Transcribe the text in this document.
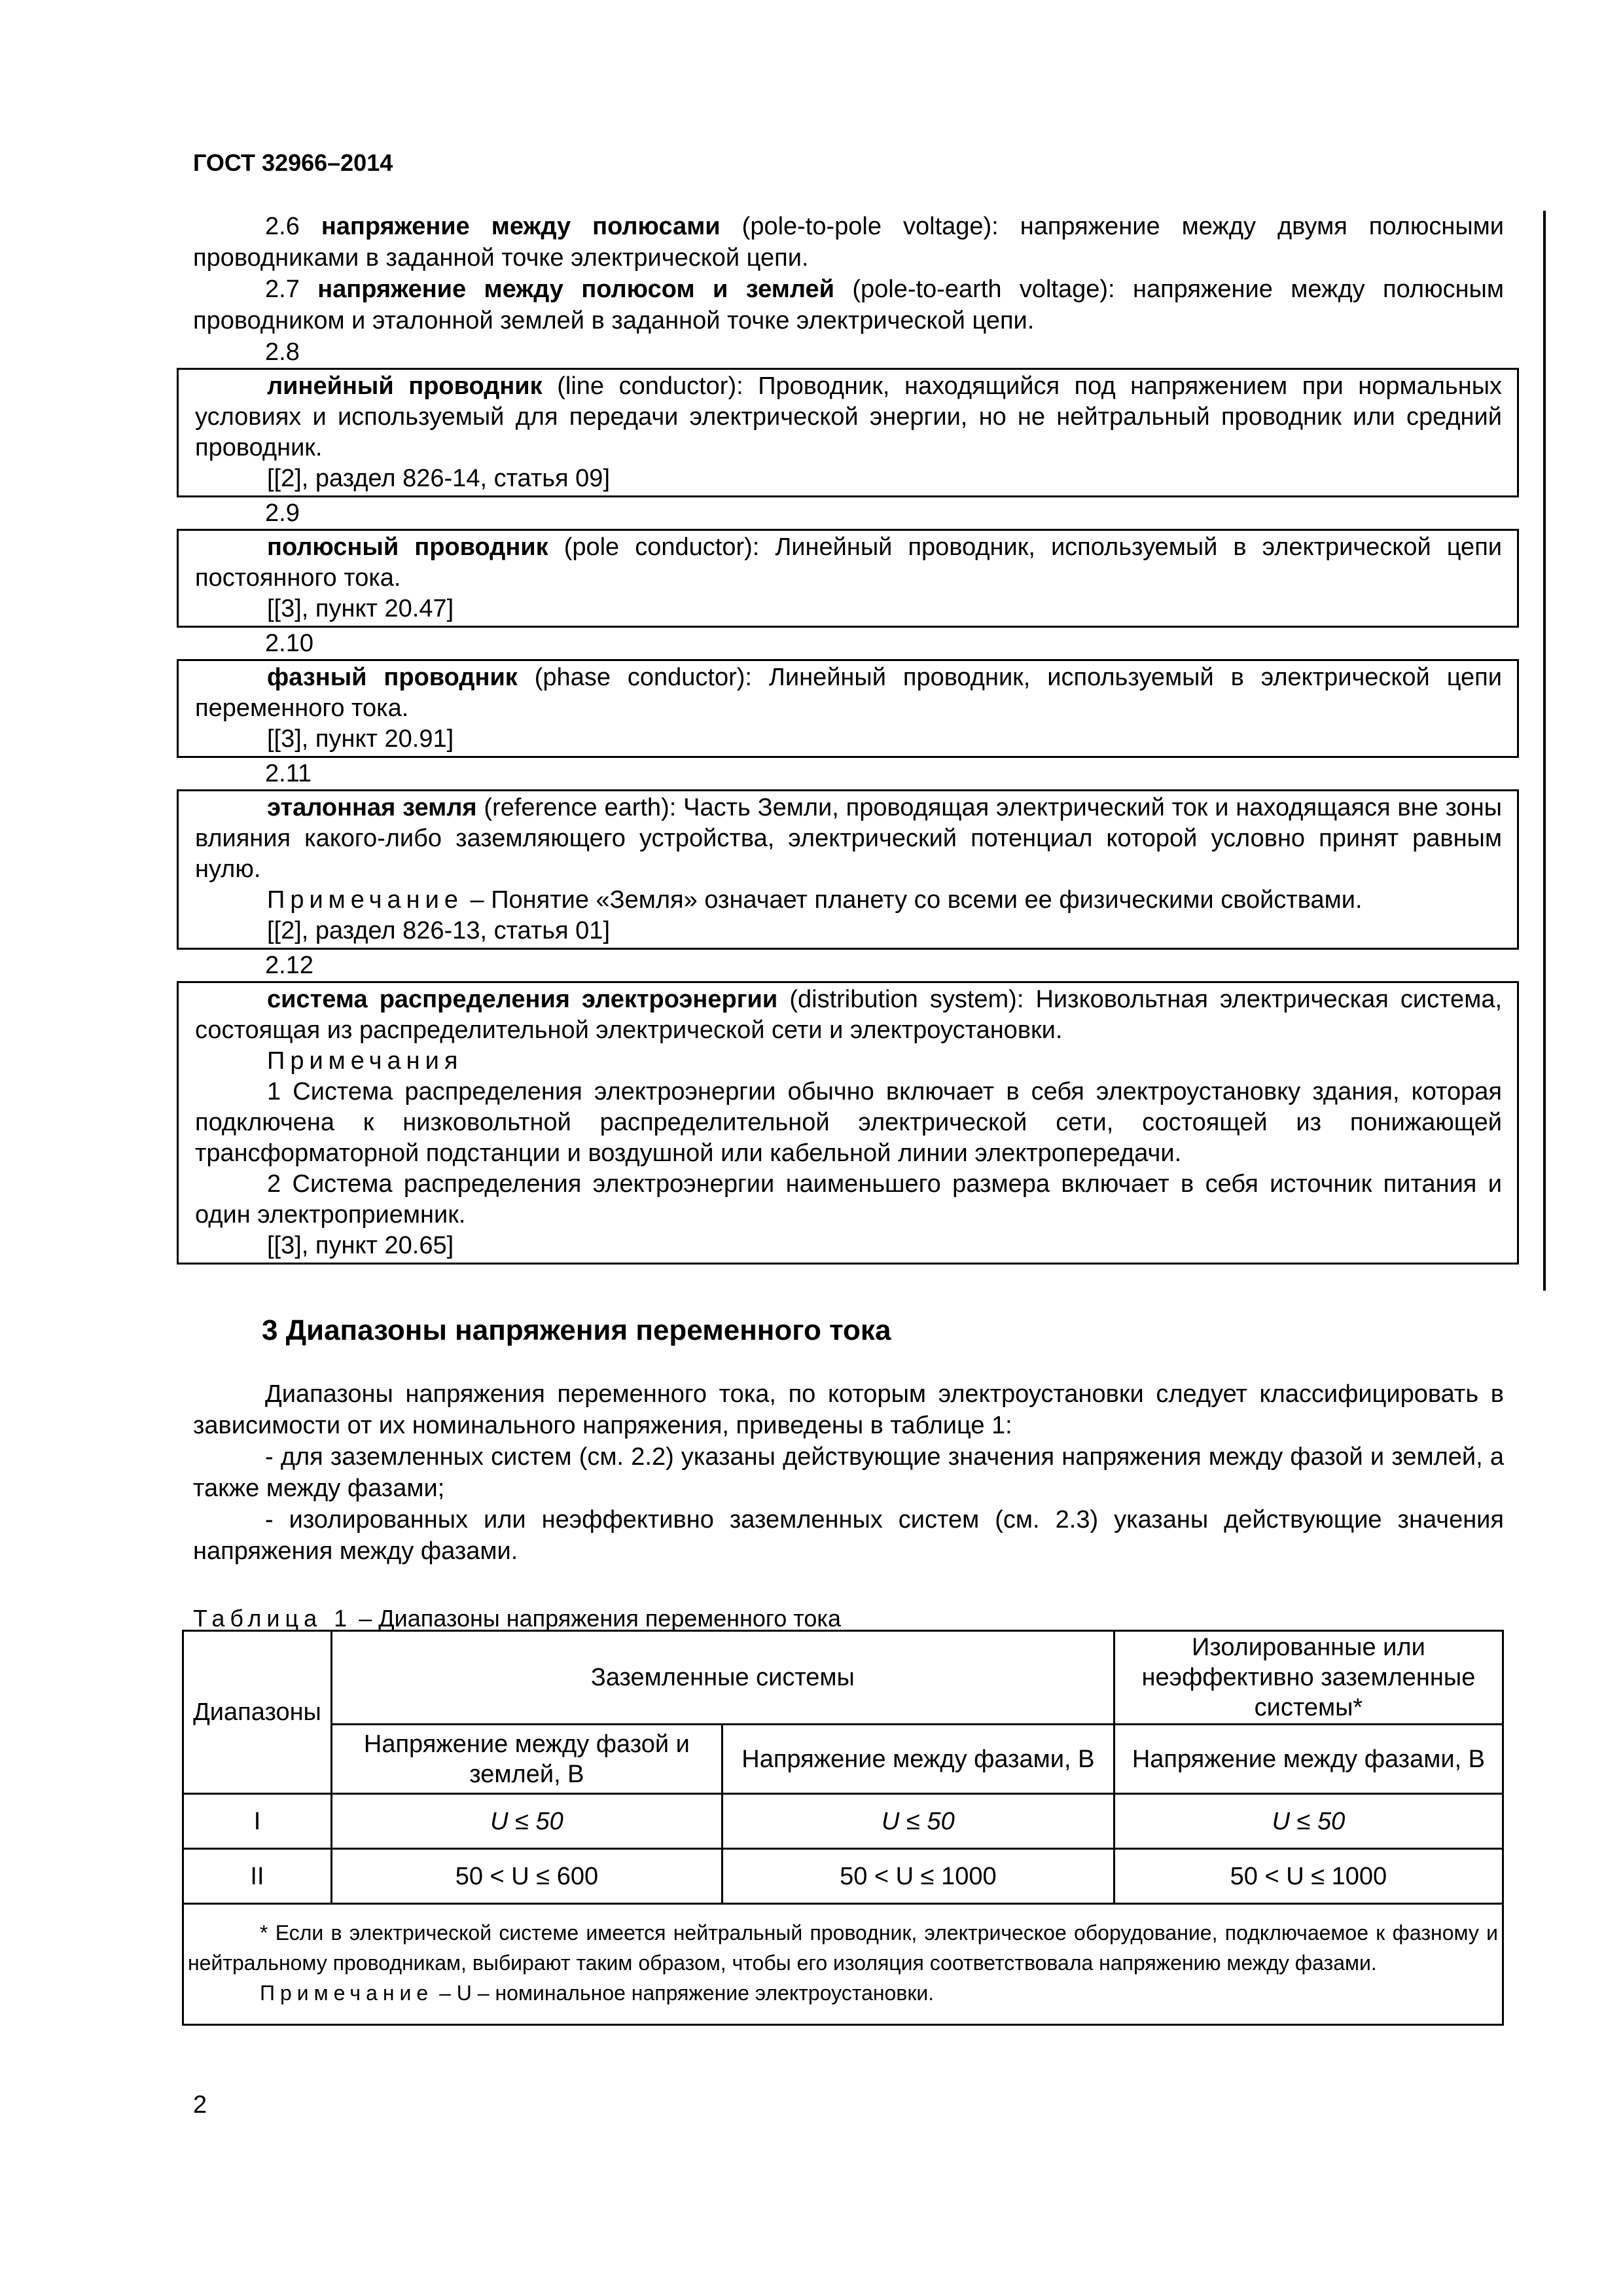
ГОСТ 32966–2014

2.6 напряжение между полюсами (pole-to-pole voltage): напряжение между двумя полюсными проводниками в заданной точке электрической цепи.

2.7 напряжение между полюсом и землей (pole-to-earth voltage): напряжение между полюсным проводником и эталонной землей в заданной точке электрической цепи.

2.8

линейный проводник (line conductor): Проводник, находящийся под напряжением при нормальных условиях и используемый для передачи электрической энергии, но не нейтральный проводник или средний проводник.

[[2], раздел 826-14, статья 09]

2.9

полюсный проводник (pole conductor): Линейный проводник, используемый в электрической цепи постоянного тока.

[[3], пункт 20.47]

2.10

фазный проводник (phase conductor): Линейный проводник, используемый в электрической цепи переменного тока.

[[3], пункт 20.91]

2.11

эталонная земля (reference earth): Часть Земли, проводящая электрический ток и находящаяся вне зоны влияния какого-либо заземляющего устройства, электрический потенциал которой условно принят равным нулю.

Примечание – Понятие «Земля» означает планету со всеми ее физическими свойствами.

[[2], раздел 826-13, статья 01]

2.12

система распределения электроэнергии (distribution system): Низковольтная электрическая система, состоящая из распределительной электрической сети и электроустановки.

Примечания

1 Система распределения электроэнергии обычно включает в себя электроустановку здания, которая подключена к низковольтной распределительной электрической сети, состоящей из понижающей трансформаторной подстанции и воздушной или кабельной линии электропередачи.

2 Система распределения электроэнергии наименьшего размера включает в себя источник питания и один электроприемник.

[[3], пункт 20.65]

3 Диапазоны напряжения переменного тока

Диапазоны напряжения переменного тока, по которым электроустановки следует классифицировать в зависимости от их номинального напряжения, приведены в таблице 1:

- для заземленных систем (см. 2.2) указаны действующие значения напряжения между фазой и землей, а также между фазами;

- изолированных или неэффективно заземленных систем (см. 2.3) указаны действующие значения напряжения между фазами.

Таблица 1 – Диапазоны напряжения переменного тока
Диапазоны	Заземленные системы		Изолированные или неэффективно заземленные системы*
	Напряжение между фазой и землей, В	Напряжение между фазами, В	Напряжение между фазами, В
I	U ≤ 50	U ≤ 50	U ≤ 50
II	50 < U ≤ 600	50 < U ≤ 1000	50 < U ≤ 1000

* Если в электрической системе имеется нейтральный проводник, электрическое оборудование, подключаемое к фазному и нейтральному проводникам, выбирают таким образом, чтобы его изоляция соответствовала напряжению между фазами.

Примечание – U – номинальное напряжение электроустановки.			

2
